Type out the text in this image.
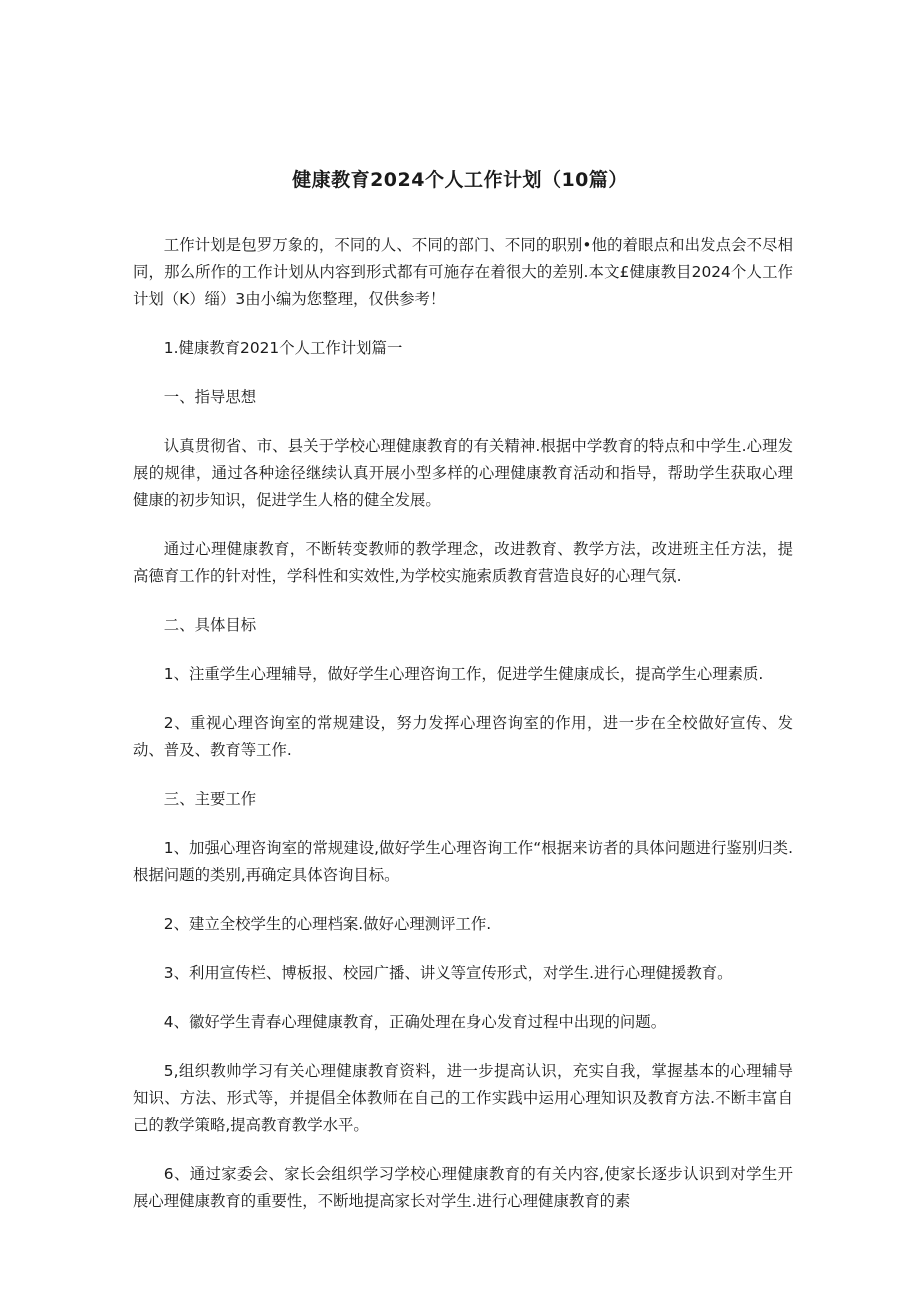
健康教育2024个人工作计划（10篇）

工作计划是包罗万象的，不同的人、不同的部门、不同的职别•他的着眼点和出发点会不尽相同，那么所作的工作计划从内容到形式都有可施存在着很大的差别.本文£健康教目2024个人工作计划（K）缁）3由小编为您整理，仅供参考！

1.健康教育2021个人工作计划篇一

一、指导思想

认真贯彻省、市、县关于学校心理健康教育的有关精神.根据中学教育的特点和中学生.心理发展的规律，通过各种途径继续认真开展小型多样的心理健康教育活动和指导，帮助学生获取心理健康的初步知识，促进学生人格的健全发展。

通过心理健康教育，不断转变教师的教学理念，改进教育、教学方法，改进班主任方法，提高德育工作的针对性，学科性和实效性,为学校实施索质教育营造良好的心理气氛.

二、具体目标

1、注重学生心理辅导，做好学生心理咨询工作，促进学生健康成长，提高学生心理素质.

2、重视心理咨询室的常规建设，努力发挥心理咨询室的作用，进一步在全校做好宣传、发动、普及、教育等工作.

三、主要工作

1、加强心理咨询室的常规建设,做好学生心理咨询工作“根据来访者的具体问题进行鉴别归类.根据问题的类别,再确定具体咨询目标。

2、建立全校学生的心理档案.做好心理测评工作.

3、利用宣传栏、博板报、校园广播、讲义等宣传形式，对学生.进行心理健援教育。

4、徽好学生青春心理健康教育，正确处理在身心发育过程中出现的问题。

5,组织教帅学习有关心理健康教育资料，进一步提高认识，充实自我，掌握基本的心理辅导知识、方法、形式等，并提倡全体教师在自己的工作实践中运用心理知识及教育方法.不断丰富自己的教学策略,提高教育教学水平。

6、通过家委会、家长会组织学习学校心理健康教育的有关内容,使家长逐步认识到对学生开展心理健康教育的重要性，不断地提高家长对学生.进行心理健康教育的素
